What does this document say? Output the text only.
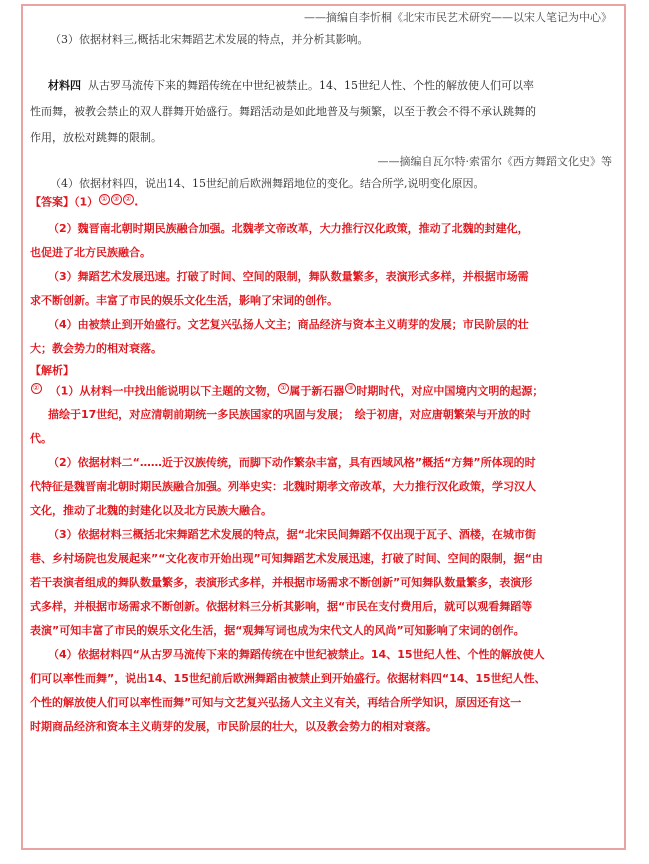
——摘编自李忻桐《北宋市民艺术研究——以宋人笔记为中心》
（3）依据材料三,概括北宋舞蹈艺术发展的特点，并分析其影响。
材料四 从古罗马流传下来的舞蹈传统在中世纪被禁止。14、15世纪人性、个性的解放使人们可以率
性而舞，被教会禁止的双人群舞开始盛行。舞蹈活动是如此地普及与频繁，以至于教会不得不承认跳舞的
作用，放松对跳舞的限制。
——摘编自瓦尔特·索雷尔《西方舞蹈文化史》等
（4）依据材料四，说出14、15世纪前后欧洲舞蹈地位的变化。结合所学,说明变化原因。
【答案】（1） ① ③ ② .
（2）魏晋南北朝时期民族融合加强。北魏孝文帝改革，大力推行汉化政策，推动了北魏的封建化，
也促进了北方民族融合。
（3）舞蹈艺术发展迅速。打破了时间、空间的限制，舞队数量繁多，表演形式多样，并根据市场需
求不断创新。丰富了市民的娱乐文化生活，影响了宋词的创作。
（4）由被禁止到开始盛行。文艺复兴弘扬人文主；商品经济与资本主义萌芽的发展；市民阶层的壮
大；教会势力的相对衰落。
【解析】
② （1）从材料一中找出能说明以下主题的文物， ① 属于新石器 ③ 时期时代，对应中国境内文明的起源；
描绘于17世纪，对应清朝前期统一多民族国家的巩固与发展；　绘于初唐，对应唐朝繁荣与开放的时
代。
（2）依据材料二“……近于汉族传统，而脚下动作繁杂丰富，具有西域风格”概括“方舞”所体现的时
代特征是魏晋南北朝时期民族融合加强。列举史实：北魏时期孝文帝改革，大力推行汉化政策，学习汉人
文化，推动了北魏的封建化以及北方民族大融合。
（3）依据材料三概括北宋舞蹈艺术发展的特点，据“北宋民间舞蹈不仅出现于瓦子、酒楼，在城市街
巷、乡村场院也发展起来”“文化夜市开始出现”可知舞蹈艺术发展迅速，打破了时间、空间的限制，据“由
若干表演者组成的舞队数量繁多，表演形式多样，并根据市场需求不断创新”可知舞队数量繁多，表演形
式多样，并根据市场需求不断创新。依据材料三分析其影响，据“市民在支付费用后，就可以观看舞蹈等
表演”可知丰富了市民的娱乐文化生活，据“观舞写词也成为宋代文人的风尚”可知影响了宋词的创作。
（4）依据材料四“从古罗马流传下来的舞蹈传统在中世纪被禁止。14、15世纪人性、个性的解放使人
们可以率性而舞”，说出14、15世纪前后欧洲舞蹈由被禁止到开始盛行。依据材料四“14、15世纪人性、
个性的解放使人们可以率性而舞”可知与文艺复兴弘扬人文主义有关，再结合所学知识，原因还有这一
时期商品经济和资本主义萌芽的发展，市民阶层的壮大，以及教会势力的相对衰落。
